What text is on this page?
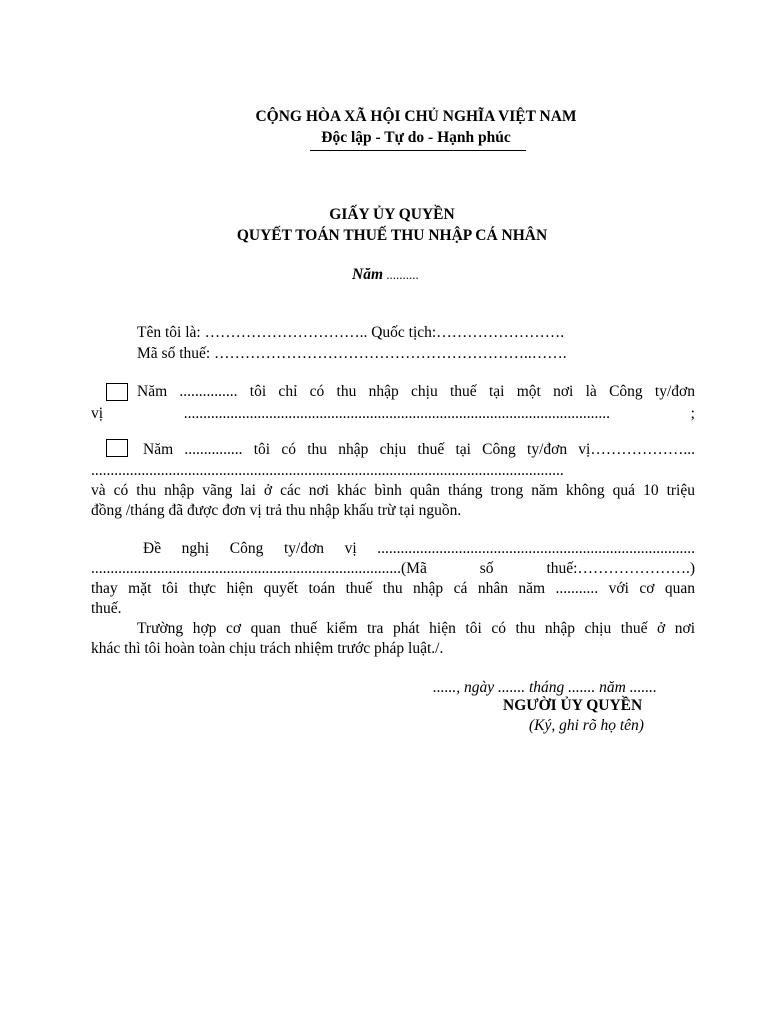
CỘNG HÒA XÃ HỘI CHỦ NGHĨA VIỆT NAM
Độc lập - Tự do - Hạnh phúc
GIẤY ỦY QUYỀN
QUYẾT TOÁN THUẾ THU NHẬP CÁ NHÂN
Năm ..........
Tên tôi là: ………………………….. Quốc tịch:…………………….
Mã số thuế: ……………………………………………………..…….
Năm ............... tôi chỉ có thu nhập chịu thuế tại một nơi là Công ty/đơn
vị .............................................................................................................. ;
Năm ............... tôi có thu nhập chịu thuế tại Công ty/đơn vị………………...
..........................................................................................................................
và có thu nhập vãng lai ở các nơi khác bình quân tháng trong năm không quá 10 triệu
đồng /tháng đã được đơn vị trả thu nhập khấu trừ tại nguồn.
Đề nghị Công ty/đơn vị ..................................................................................
................................................................................(Mã số thuế:………………….)
thay mặt tôi thực hiện quyết toán thuế thu nhập cá nhân năm ........... với cơ quan
thuế.
Trường hợp cơ quan thuế kiểm tra phát hiện tôi có thu nhập chịu thuế ở nơi
khác thì tôi hoàn toàn chịu trách nhiệm trước pháp luật./.
......, ngày ....... tháng ....... năm .......
NGƯỜI ỦY QUYỀN
(Ký, ghi rõ họ tên)
